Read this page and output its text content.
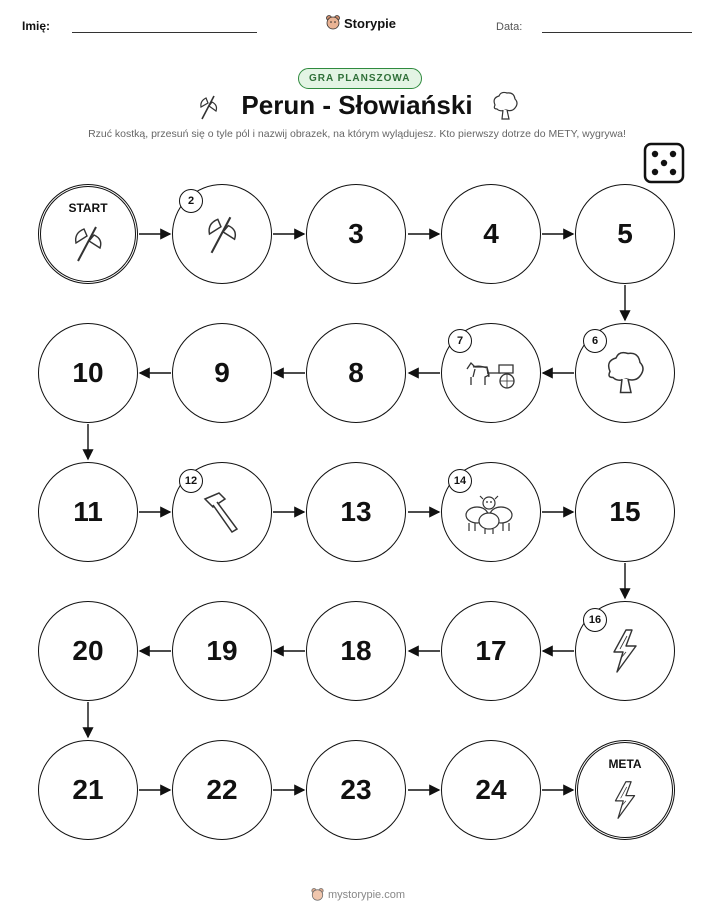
Imię:	Storypie	Data:
GRA PLANSZOWA
Perun - Słowiański
Rzuć kostką, przesuń się o tyle pól i nazwij obrazek, na którym wylądujesz. Kto pierwszy dotrze do METY, wygrywa!
START	2
3	4	5
10	9	8
7	6
11
12
13
14
15
20	19	18	17
16
21	22	23	24
META
mystorypie.com
